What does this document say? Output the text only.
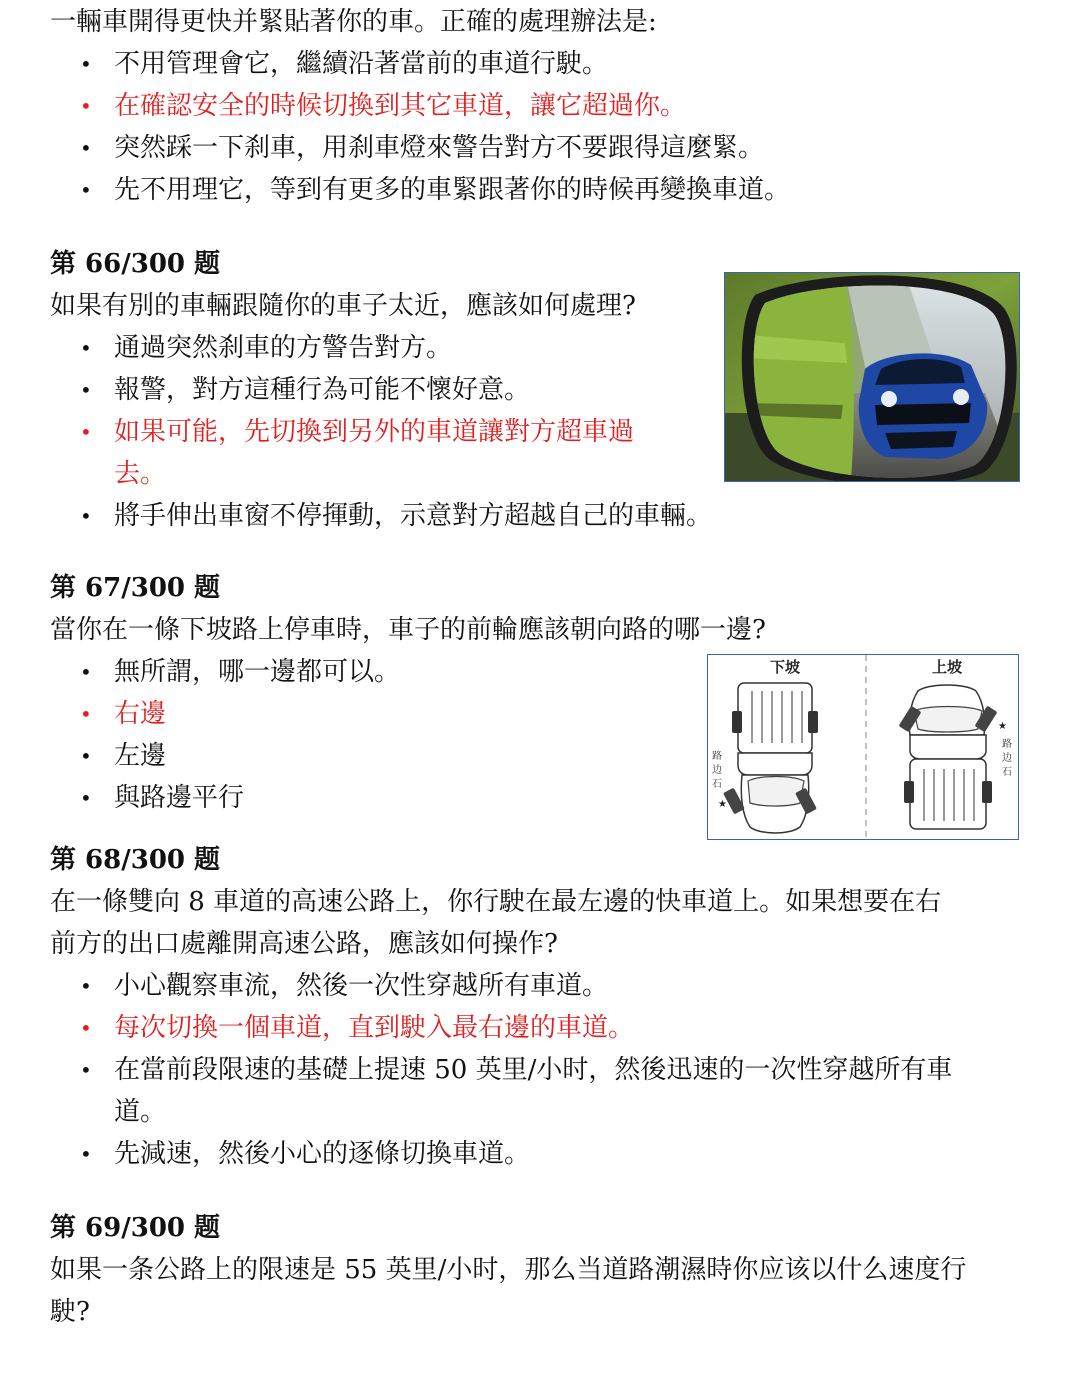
一輛車開得更快并緊貼著你的車。正確的處理辦法是:
• 不用管理會它，繼續沿著當前的車道行駛。
• 在確認安全的時候切換到其它車道，讓它超過你。
• 突然踩一下刹車，用刹車燈來警告對方不要跟得這麼緊。
• 先不用理它，等到有更多的車緊跟著你的時候再變換車道。
第 66/300 题
如果有別的車輛跟隨你的車子太近，應該如何處理?
• 通過突然刹車的方警告對方。
• 報警，對方這種行為可能不懷好意。
• 如果可能，先切換到另外的車道讓對方超車過
去。
• 將手伸出車窗不停揮動，示意對方超越自己的車輛。
第 67/300 题
當你在一條下坡路上停車時，車子的前輪應該朝向路的哪一邊?
• 無所謂，哪一邊都可以。
• 右邊
• 左邊
• 與路邊平行
下坡	上坡
路
边
石
★
路
边
石
★
第 68/300 题
在一條雙向 8 車道的高速公路上，你行駛在最左邊的快車道上。如果想要在右
前方的出口處離開高速公路，應該如何操作?
• 小心觀察車流，然後一次性穿越所有車道。
• 每次切換一個車道，直到駛入最右邊的車道。
• 在當前段限速的基礎上提速 50 英里/小时，然後迅速的一次性穿越所有車
道。
• 先減速，然後小心的逐條切換車道。
第 69/300 题
如果一条公路上的限速是 55 英里/小时，那么当道路潮濕時你应该以什么速度行
駛?
